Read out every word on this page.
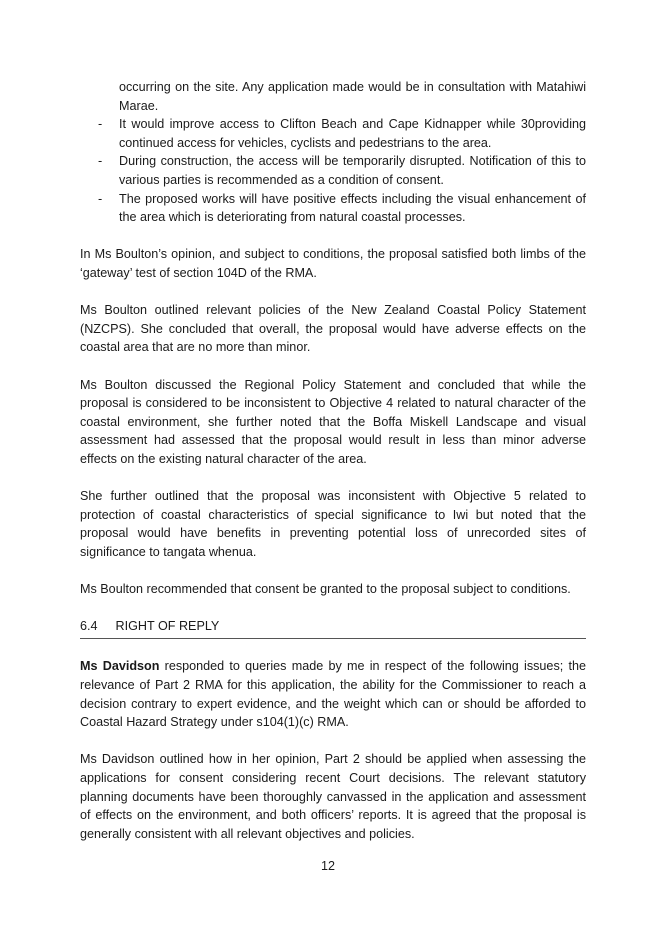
occurring on the site. Any application made would be in consultation with Matahiwi Marae.
- It would improve access to Clifton Beach and Cape Kidnapper while 30providing continued access for vehicles, cyclists and pedestrians to the area.
- During construction, the access will be temporarily disrupted. Notification of this to various parties is recommended as a condition of consent.
- The proposed works will have positive effects including the visual enhancement of the area which is deteriorating from natural coastal processes.

In Ms Boulton’s opinion, and subject to conditions, the proposal satisfied both limbs of the ‘gateway’ test of section 104D of the RMA.

Ms Boulton outlined relevant policies of the New Zealand Coastal Policy Statement (NZCPS). She concluded that overall, the proposal would have adverse effects on the coastal area that are no more than minor.

Ms Boulton discussed the Regional Policy Statement and concluded that while the proposal is considered to be inconsistent to Objective 4 related to natural character of the coastal environment, she further noted that the Boffa Miskell Landscape and visual assessment had assessed that the proposal would result in less than minor adverse effects on the existing natural character of the area.

She further outlined that the proposal was inconsistent with Objective 5 related to protection of coastal characteristics of special significance to Iwi but noted that the proposal would have benefits in preventing potential loss of unrecorded sites of significance to tangata whenua.

Ms Boulton recommended that consent be granted to the proposal subject to conditions.

6.4 RIGHT OF REPLY

Ms Davidson responded to queries made by me in respect of the following issues; the relevance of Part 2 RMA for this application, the ability for the Commissioner to reach a decision contrary to expert evidence, and the weight which can or should be afforded to Coastal Hazard Strategy under s104(1)(c) RMA.

Ms Davidson outlined how in her opinion, Part 2 should be applied when assessing the applications for consent considering recent Court decisions. The relevant statutory planning documents have been thoroughly canvassed in the application and assessment of effects on the environment, and both officers’ reports. It is agreed that the proposal is generally consistent with all relevant objectives and policies.

12
